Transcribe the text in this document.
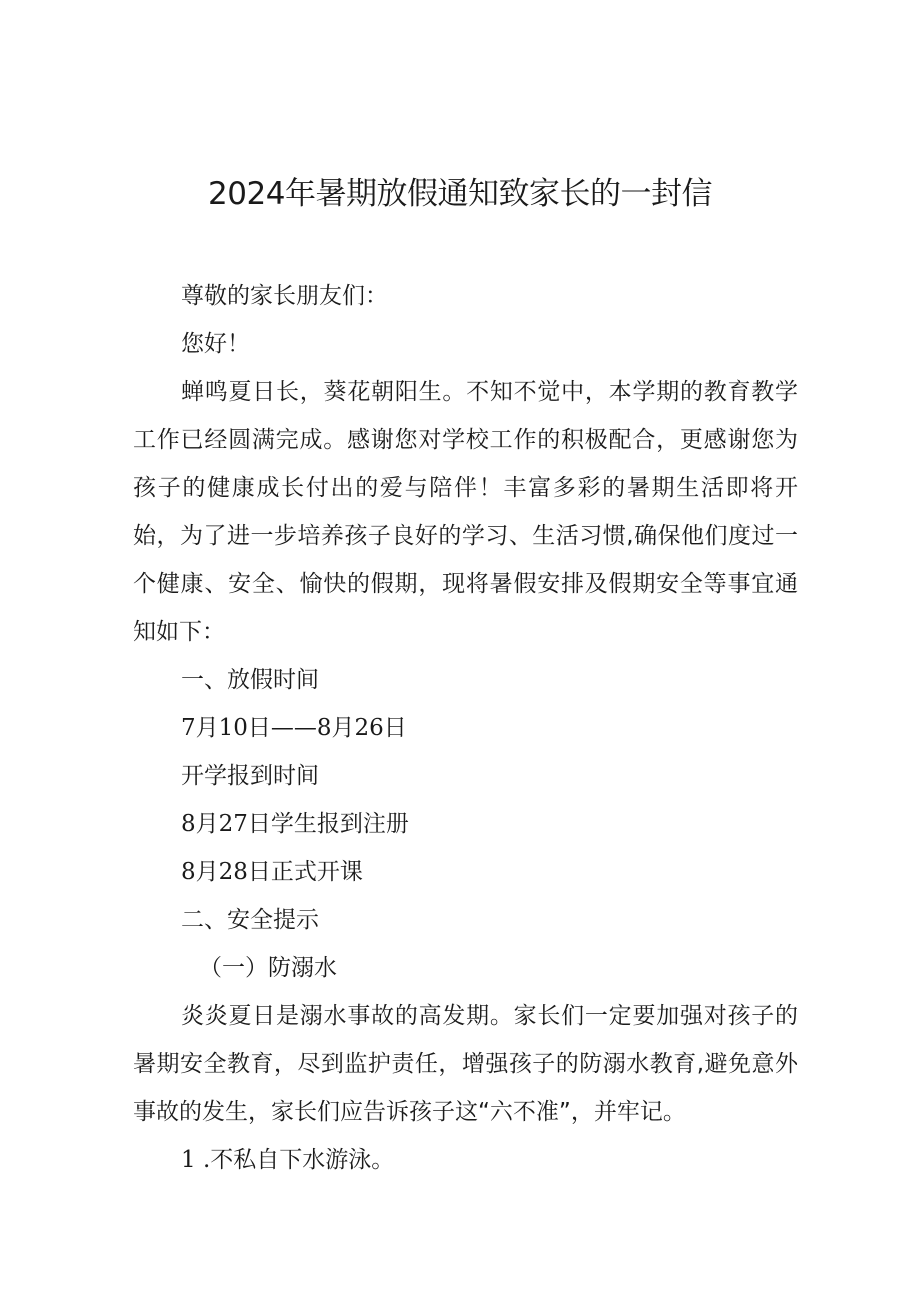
2024年暑期放假通知致家长的一封信

尊敬的家长朋友们：

您好！

蝉鸣夏日长，葵花朝阳生。不知不觉中，本学期的教育教学工作已经圆满完成。感谢您对学校工作的积极配合，更感谢您为孩子的健康成长付出的爱与陪伴！丰富多彩的暑期生活即将开始，为了进一步培养孩子良好的学习、生活习惯,确保他们度过一个健康、安全、愉快的假期，现将暑假安排及假期安全等事宜通知如下：

一、放假时间

7月10日——8月26日

开学报到时间

8月27日学生报到注册

8月28日正式开课

二、安全提示

（一）防溺水

炎炎夏日是溺水事故的高发期。家长们一定要加强对孩子的暑期安全教育，尽到监护责任，增强孩子的防溺水教育,避免意外事故的发生，家长们应告诉孩子这“六不准”，并牢记。

1 .不私自下水游泳。
